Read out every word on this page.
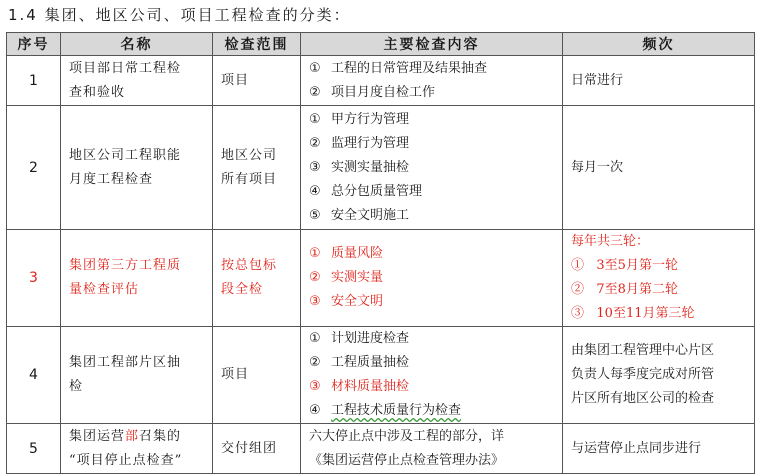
1.4 集团、地区公司、项目工程检查的分类：
序号	名称	检查范围	主要检查内容	频次
1	项目部日常工程检
查和验收	项目	① 工程的日常管理及结果抽查
② 项目月度自检工作	日常进行

2	地区公司工程职能
月度工程检查	地区公司
所有项目	① 甲方行为管理
② 监理行为管理
③ 实测实量抽检
④ 总分包质量管理
⑤ 安全文明施工	每月一次

3	集团第三方工程质
量检查评估	按总包标
段全检	① 质量风险
② 实测实量
③ 安全文明	每年共三轮：
①   3至5月第一轮
②   7至8月第二轮
③   10至11月第三轮

4	集团工程部片区抽
检	项目	① 计划进度检查
② 工程质量抽检
③ 材料质量抽检
④ 工程技术质量行为检查	由集团工程管理中心片区
负责人每季度完成对所管
片区所有地区公司的检查

5	集团运营部召集的
“项目停止点检查”	交付组团	六大停止点中涉及工程的部分，详
《集团运营停止点检查管理办法》	与运营停止点同步进行
